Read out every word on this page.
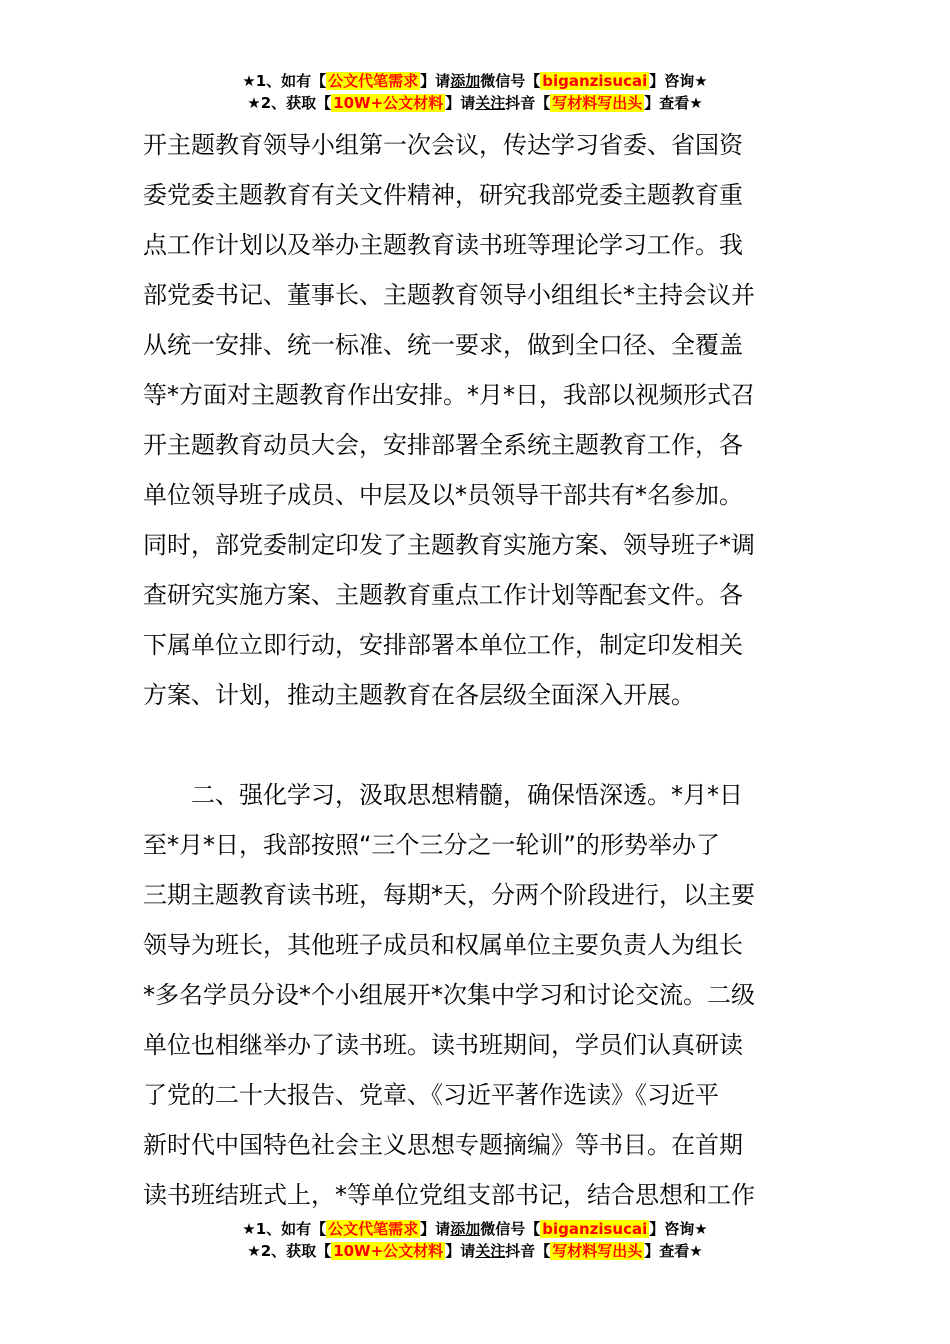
★1、如有【 公文代笔需求 】请添加微信号【 biganzisucai 】咨询★
★2、获取【 10W+公文材料 】请关注抖音【 写材料写出头 】查看★
开主题教育领导小组第一次会议，传达学习省委、省国资
委党委主题教育有关文件精神，研究我部党委主题教育重
点工作计划以及举办主题教育读书班等理论学习工作。我
部党委书记、董事长、主题教育领导小组组长*主持会议并
从统一安排、统一标准、统一要求，做到全口径、全覆盖
等*方面对主题教育作出安排。*月*日，我部以视频形式召
开主题教育动员大会，安排部署全系统主题教育工作，各
单位领导班子成员、中层及以*员领导干部共有*名参加。
同时，部党委制定印发了主题教育实施方案、领导班子*调
查研究实施方案、主题教育重点工作计划等配套文件。各
下属单位立即行动，安排部署本单位工作，制定印发相关
方案、计划，推动主题教育在各层级全面深入开展。
　　二、强化学习，汲取思想精髓，确保悟深透。*月*日
至*月*日，我部按照“三个三分之一轮训”的形势举办了
三期主题教育读书班，每期*天，分两个阶段进行，以主要
领导为班长，其他班子成员和权属单位主要负责人为组长
*多名学员分设*个小组展开*次集中学习和讨论交流。二级
单位也相继举办了读书班。读书班期间，学员们认真研读
了党的二十大报告、党章、《习近平著作选读》《习近平
新时代中国特色社会主义思想专题摘编》等书目。在首期
读书班结班式上，*等单位党组支部书记，结合思想和工作
★1、如有【 公文代笔需求 】请添加微信号【 biganzisucai 】咨询★
★2、获取【 10W+公文材料 】请关注抖音【 写材料写出头 】查看★
